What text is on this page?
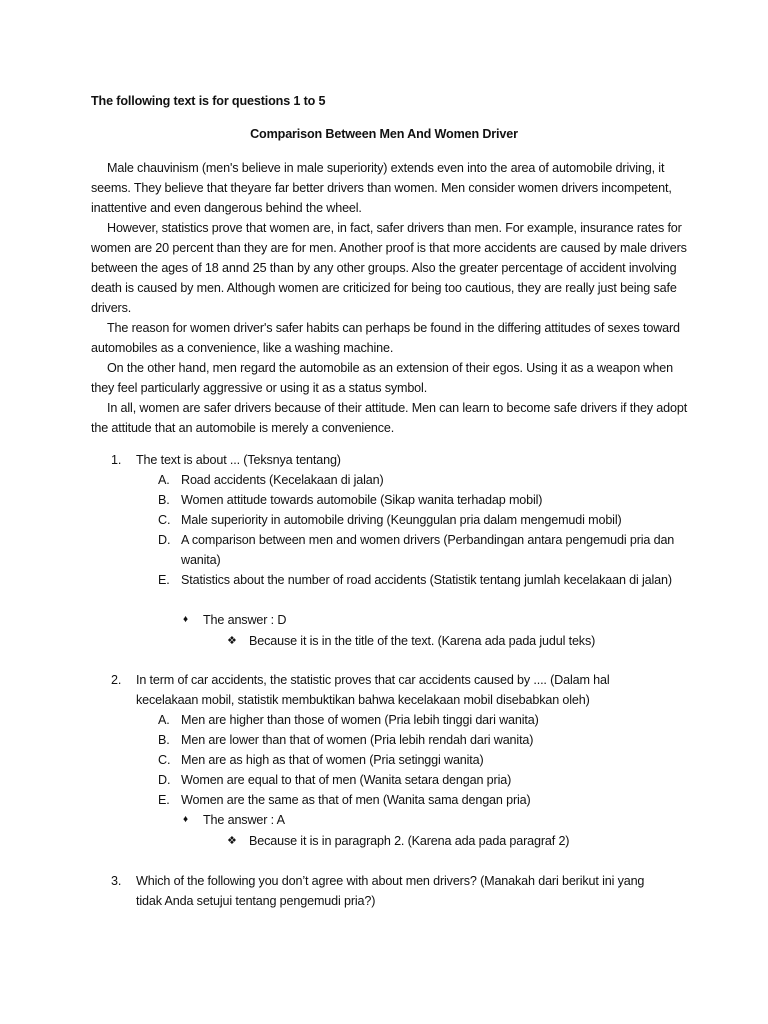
The following text is for questions 1 to 5
Comparison Between Men And Women Driver
Male chauvinism (men's believe in male superiority) extends even into the area of automobile driving, it seems. They believe that theyare far better drivers than women. Men consider women drivers incompetent, inattentive and even dangerous behind the wheel.
However, statistics prove that women are, in fact, safer drivers than men. For example, insurance rates for women are 20 percent than they are for men. Another proof is that more accidents are caused by male drivers between the ages of 18 annd 25 than by any other groups. Also the greater percentage of accident involving death is caused by men. Although women are criticized for being too cautious, they are really just being safe drivers.
The reason for women driver's safer habits can perhaps be found in the differing attitudes of sexes toward automobiles as a convenience, like a washing machine.
On the other hand, men regard the automobile as an extension of their egos. Using it as a weapon when they feel particularly aggressive or using it as a status symbol.
In all, women are safer drivers because of their attitude. Men can learn to become safe drivers if they adopt the attitude that an automobile is merely a convenience.
1. The text is about ... (Teksnya tentang)
A. Road accidents (Kecelakaan di jalan)
B. Women attitude towards automobile (Sikap wanita terhadap mobil)
C. Male superiority in automobile driving (Keunggulan pria dalam mengemudi mobil)
D. A comparison between men and women drivers (Perbandingan antara pengemudi pria dan wanita)
E. Statistics about the number of road accidents (Statistik tentang jumlah kecelakaan di jalan)
♦ The answer : D
❖ Because it is in the title of the text. (Karena ada pada judul teks)
2. In term of car accidents, the statistic proves that car accidents caused by .... (Dalam hal kecelakaan mobil, statistik membuktikan bahwa kecelakaan mobil disebabkan oleh)
A. Men are higher than those of women (Pria lebih tinggi dari wanita)
B. Men are lower than that of women (Pria lebih rendah dari wanita)
C. Men are as high as that of women (Pria setinggi wanita)
D. Women are equal to that of men (Wanita setara dengan pria)
E. Women are the same as that of men (Wanita sama dengan pria)
♦ The answer : A
❖ Because it is in paragraph 2. (Karena ada pada paragraf 2)
3. Which of the following you don’t agree with about men drivers? (Manakah dari berikut ini yang tidak Anda setujui tentang pengemudi pria?)
